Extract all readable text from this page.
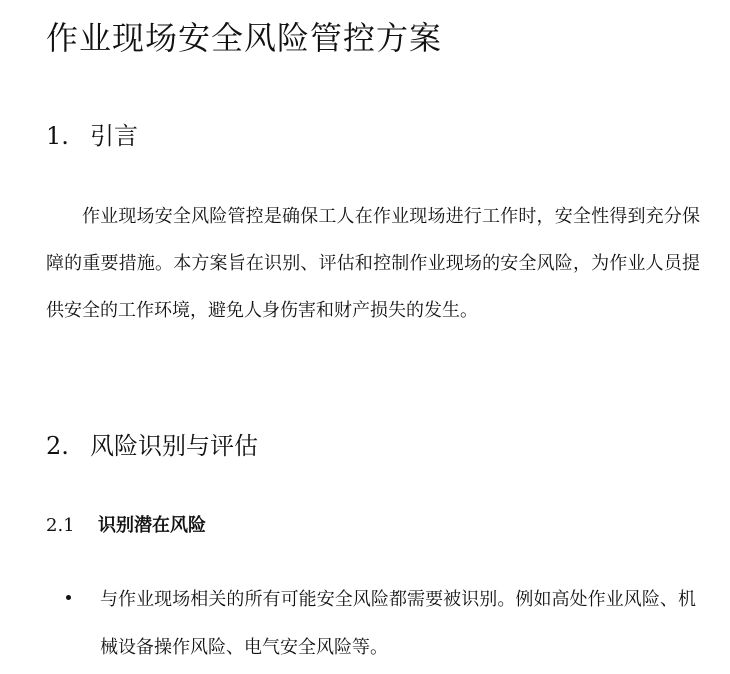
作业现场安全风险管控方案
1. 引言

作业现场安全风险管控是确保工人在作业现场进行工作时，安全性得到充分保障的重要措施。本方案旨在识别、评估和控制作业现场的安全风险，为作业人员提供安全的工作环境，避免人身伤害和财产损失的发生。

2. 风险识别与评估
2.1 识别潜在风险
与作业现场相关的所有可能安全风险都需要被识别。例如高处作业风险、机械设备操作风险、电气安全风险等。
